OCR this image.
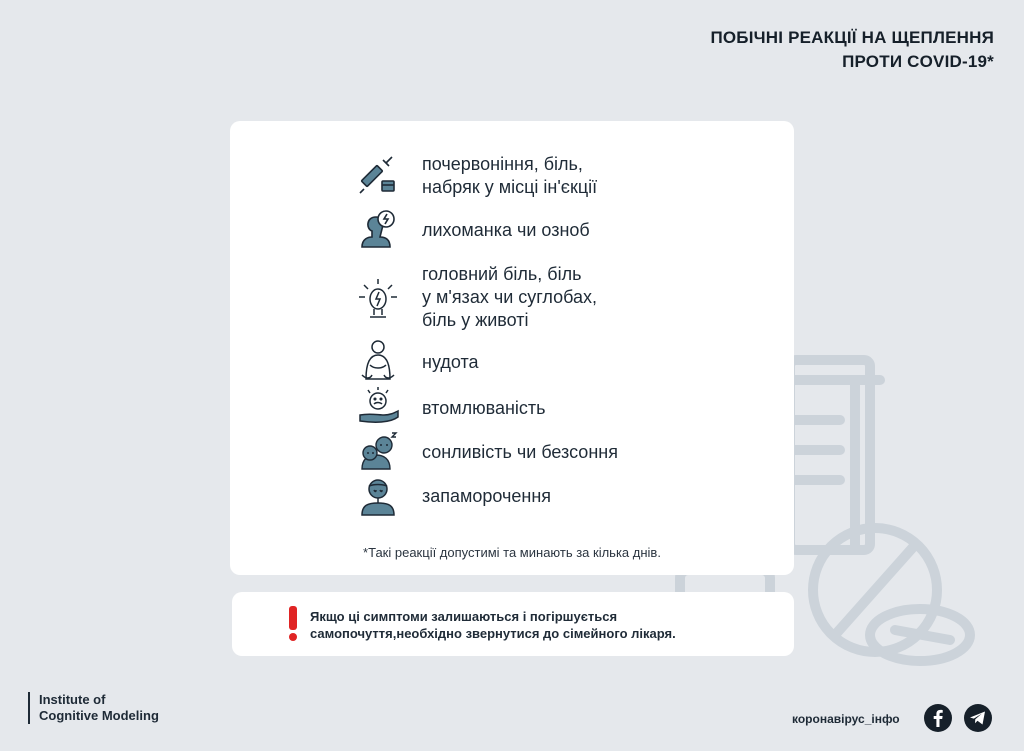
ПОБІЧНІ РЕАКЦІЇ НА ЩЕПЛЕННЯ
ПРОТИ COVID-19*
почервоніння, біль,
набряк у місці ін'єкції
лихоманка чи озноб
головний біль, біль
у м'язах чи суглобах,
біль у животі
нудота
втомлюваність
сонливість чи безсоння
запаморочення
*Такі реакції допустимі та минають за кілька днів.
Якщо ці симптоми залишаються і погіршується
самопочуття,необхідно звернутися до сімейного лікаря.
Institute of
Cognitive Modeling	коронавірус_інфо
